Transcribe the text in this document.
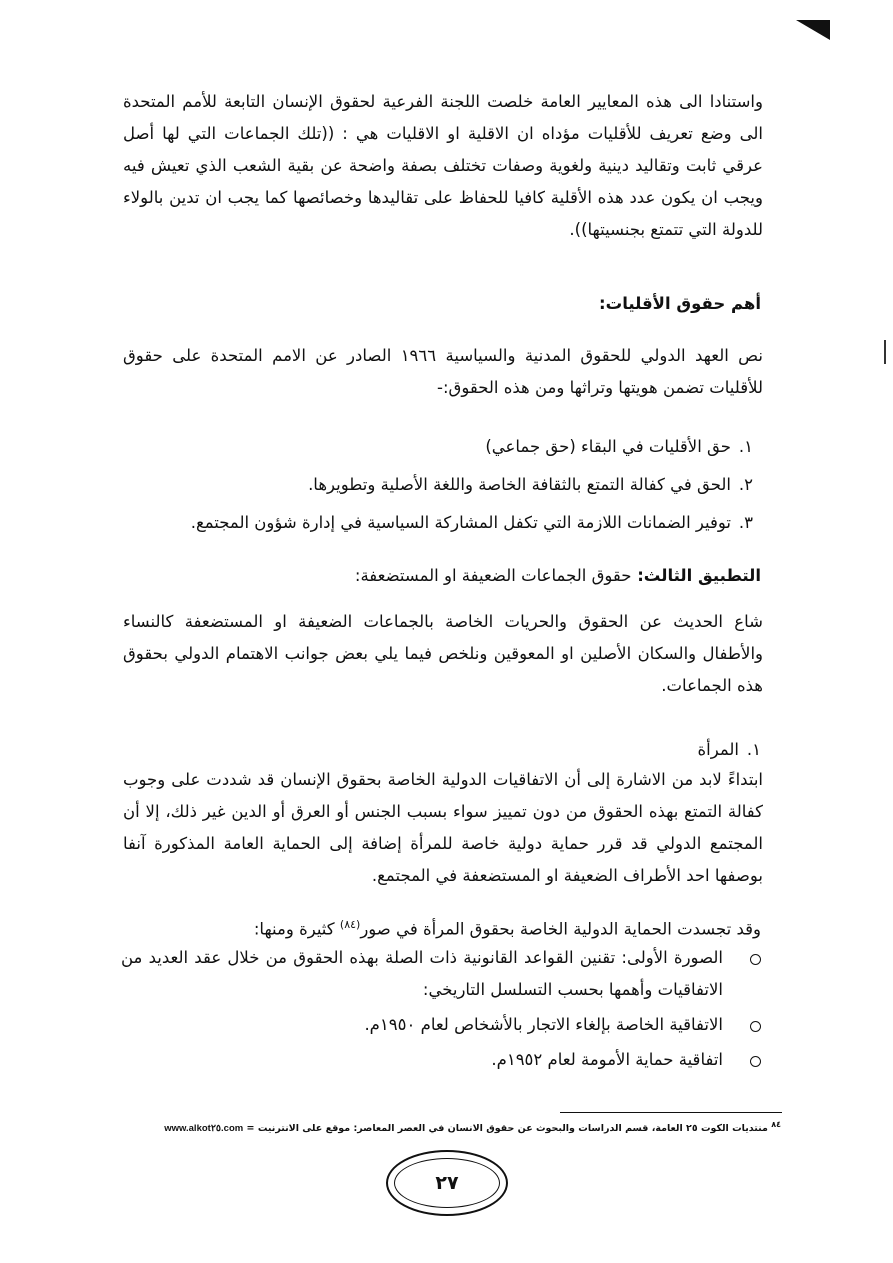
واستنادا الى هذه المعايير العامة خلصت اللجنة الفرعية لحقوق الإنسان التابعة للأمم المتحدة الى وضع تعريف للأقليات مؤداه ان الاقلية او الاقليات هي : ((تلك الجماعات التي لها أصل عرقي ثابت وتقاليد دينية ولغوية وصفات تختلف بصفة واضحة عن بقية الشعب الذي تعيش فيه ويجب ان يكون عدد هذه الأقلية كافيا للحفاظ على تقاليدها وخصائصها كما يجب ان تدين بالولاء للدولة التي تتمتع بجنسيتها)).

أهم حقوق الأقليات:

نص العهد الدولي للحقوق المدنية والسياسية ١٩٦٦ الصادر عن الامم المتحدة على حقوق للأقليات تضمن هويتها وتراثها ومن هذه الحقوق:-

١.حق الأقليات في البقاء (حق جماعي)
٢.الحق في كفالة التمتع بالثقافة الخاصة واللغة الأصلية وتطويرها.
٣.توفير الضمانات اللازمة التي تكفل المشاركة السياسية في إدارة شؤون المجتمع.

التطبيق الثالث: حقوق الجماعات الضعيفة او المستضعفة:

شاع الحديث عن الحقوق والحريات الخاصة بالجماعات الضعيفة او المستضعفة كالنساء والأطفال والسكان الأصلين او المعوقين ونلخص فيما يلي بعض جوانب الاهتمام الدولي بحقوق هذه الجماعات.

١.المرأة

ابتداءً لابد من الاشارة إلى أن الاتفاقيات الدولية الخاصة بحقوق الإنسان قد شددت على وجوب كفالة التمتع بهذه الحقوق من دون تمييز سواء بسبب الجنس أو العرق أو الدين غير ذلك، إلا أن المجتمع الدولي قد قرر حماية دولية خاصة للمرأة إضافة إلى الحماية العامة المذكورة آنفا بوصفها احد الأطراف الضعيفة او المستضعفة في المجتمع.

وقد تجسدت الحماية الدولية الخاصة بحقوق المرأة في صور$^{(٨٤)}$ كثيرة ومنها:

الصورة الأولى: تقنين القواعد القانونية ذات الصلة بهذه الحقوق من خلال عقد العديد من الاتفاقيات وأهمها بحسب التسلسل التاريخي:
الاتفاقية الخاصة بإلغاء الاتجار بالأشخاص لعام ١٩٥٠م.
اتفاقية حماية الأمومة لعام ١٩٥٢م.

$^{٨٤}$ منتديات الكوت ٢٥ العامة، قسم الدراسات والبحوث عن حقوق الانسان في العصر المعاصر: موقع على الانترنيت = www.alkot٢٥.com

٢٧
